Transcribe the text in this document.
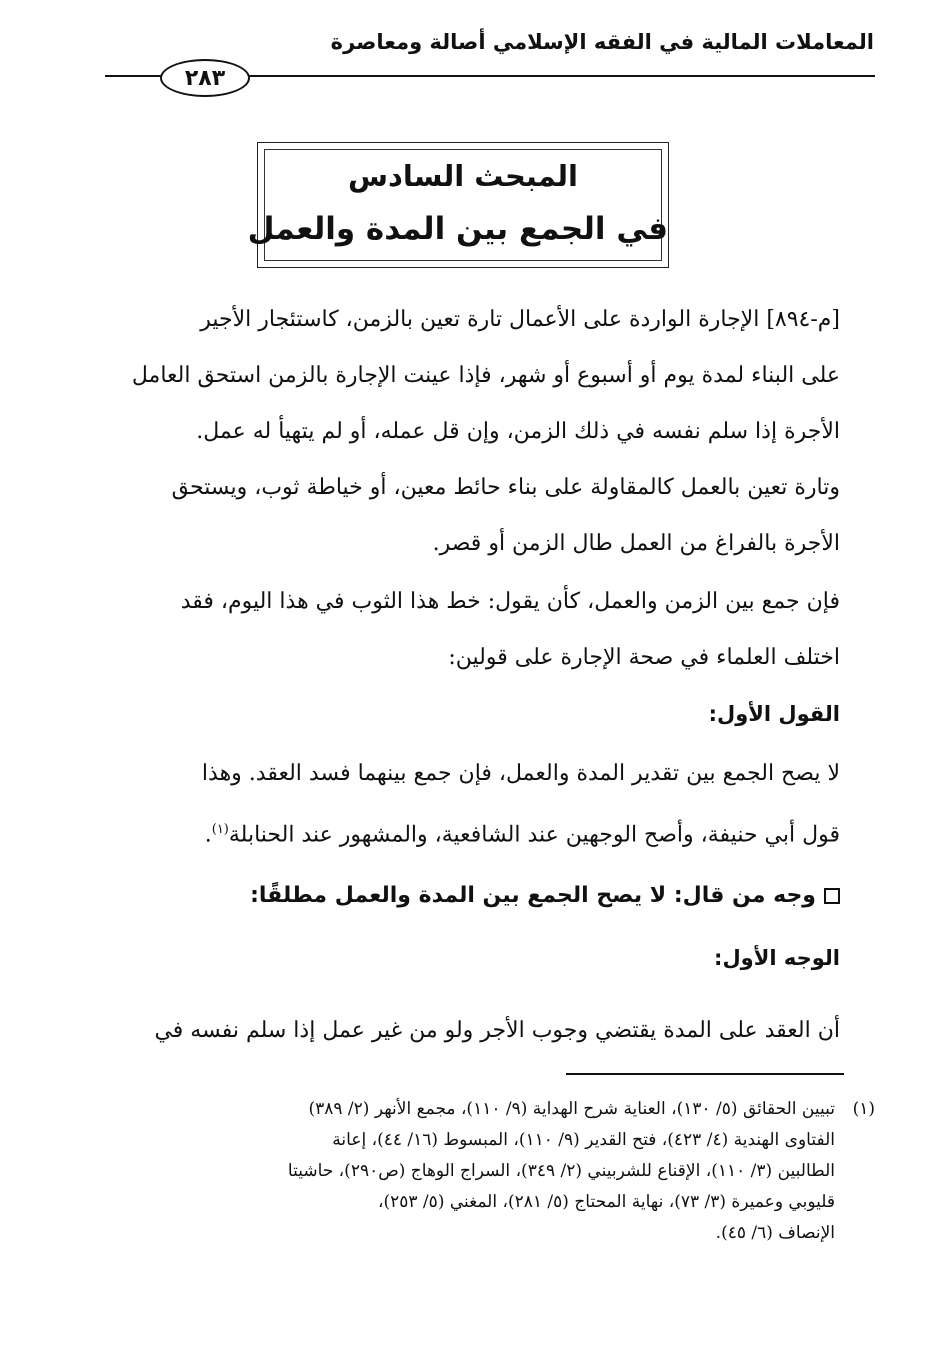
المعاملات المالية في الفقه الإسلامي أصالة ومعاصرة
٢٨٣
المبحث السادس
في الجمع بين المدة والعمل
[م-٨٩٤] الإجارة الواردة على الأعمال تارة تعين بالزمن، كاستئجار الأجير
على البناء لمدة يوم أو أسبوع أو شهر، فإذا عينت الإجارة بالزمن استحق العامل
الأجرة إذا سلم نفسه في ذلك الزمن، وإن قل عمله، أو لم يتهيأ له عمل.
وتارة تعين بالعمل كالمقاولة على بناء حائط معين، أو خياطة ثوب، ويستحق
الأجرة بالفراغ من العمل طال الزمن أو قصر.
فإن جمع بين الزمن والعمل، كأن يقول: خط هذا الثوب في هذا اليوم، فقد
اختلف العلماء في صحة الإجارة على قولين:
القول الأول:
لا يصح الجمع بين تقدير المدة والعمل، فإن جمع بينهما فسد العقد. وهذا
قول أبي حنيفة، وأصح الوجهين عند الشافعية، والمشهور عند الحنابلة$^{(١)}$.
وجه من قال: لا يصح الجمع بين المدة والعمل مطلقًا:
الوجه الأول:
أن العقد على المدة يقتضي وجوب الأجر ولو من غير عمل إذا سلم نفسه في
(١)
تبيين الحقائق (٥/ ١٣٠)، العناية شرح الهداية (٩/ ١١٠)، مجمع الأنهر (٢/ ٣٨٩)
الفتاوى الهندية (٤/ ٤٢٣)، فتح القدير (٩/ ١١٠)، المبسوط (١٦/ ٤٤)، إعانة
الطالبين (٣/ ١١٠)، الإقناع للشربيني (٢/ ٣٤٩)، السراج الوهاج (ص٢٩٠)، حاشيتا
قليوبي وعميرة (٣/ ٧٣)، نهاية المحتاج (٥/ ٢٨١)، المغني (٥/ ٢٥٣)،
الإنصاف (٦/ ٤٥).
